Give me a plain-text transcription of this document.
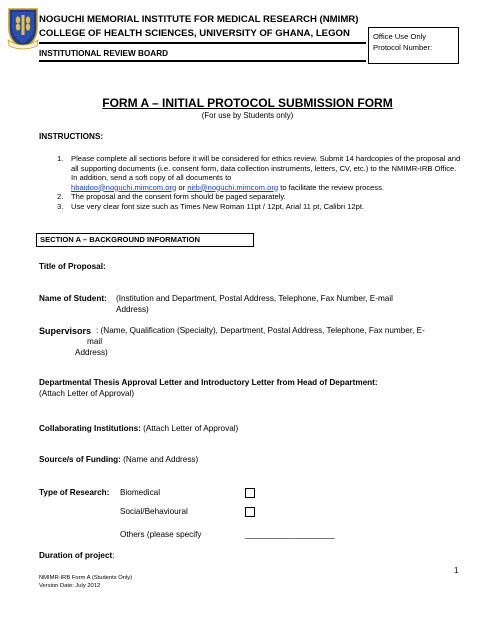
NOGUCHI MEMORIAL INSTITUTE FOR MEDICAL RESEARCH (NMIMR)
COLLEGE OF HEALTH SCIENCES, UNIVERSITY OF GHANA, LEGON
INSTITUTIONAL REVIEW BOARD
Office Use Only
Protocol Number:
FORM A – INITIAL PROTOCOL SUBMISSION FORM
(For use by Students only)
INSTRUCTIONS:
1. Please complete all sections before it will be considered for ethics review. Submit 14 hardcopies of the proposal and all supporting documents (i.e. consent form, data collection instruments, letters, CV, etc.) to the NMIMR-IRB Office. In addition, send a soft copy of all documents to
hbaidoo@noguchi.mimcom.org or nirb@noguchi.mimcom.org to facilitate the review process.
2. The proposal and the consent form should be paged separately.
3. Use very clear font size such as Times New Roman 11pt / 12pt, Arial 11 pt, Calibri 12pt.
SECTION A – BACKGROUND INFORMATION
Title of Proposal:
Name of Student: (Institution and Department, Postal Address, Telephone, Fax Number, E-mail
Address)
Supervisors : (Name, Qualification (Specialty), Department, Postal Address, Telephone, Fax number, E-
mail
Address)
Departmental Thesis Approval Letter and Introductory Letter from Head of Department:
(Attach Letter of Approval)
Collaborating Institutions: (Attach Letter of Approval)
Source/s of Funding: (Name and Address)
Type of Research: Biomedical
Social/Behavioural
Others (please specify	_____________________
Duration of project:
NMIMR-IRB Form A (Students Only)
Version Date: July 2012
1
